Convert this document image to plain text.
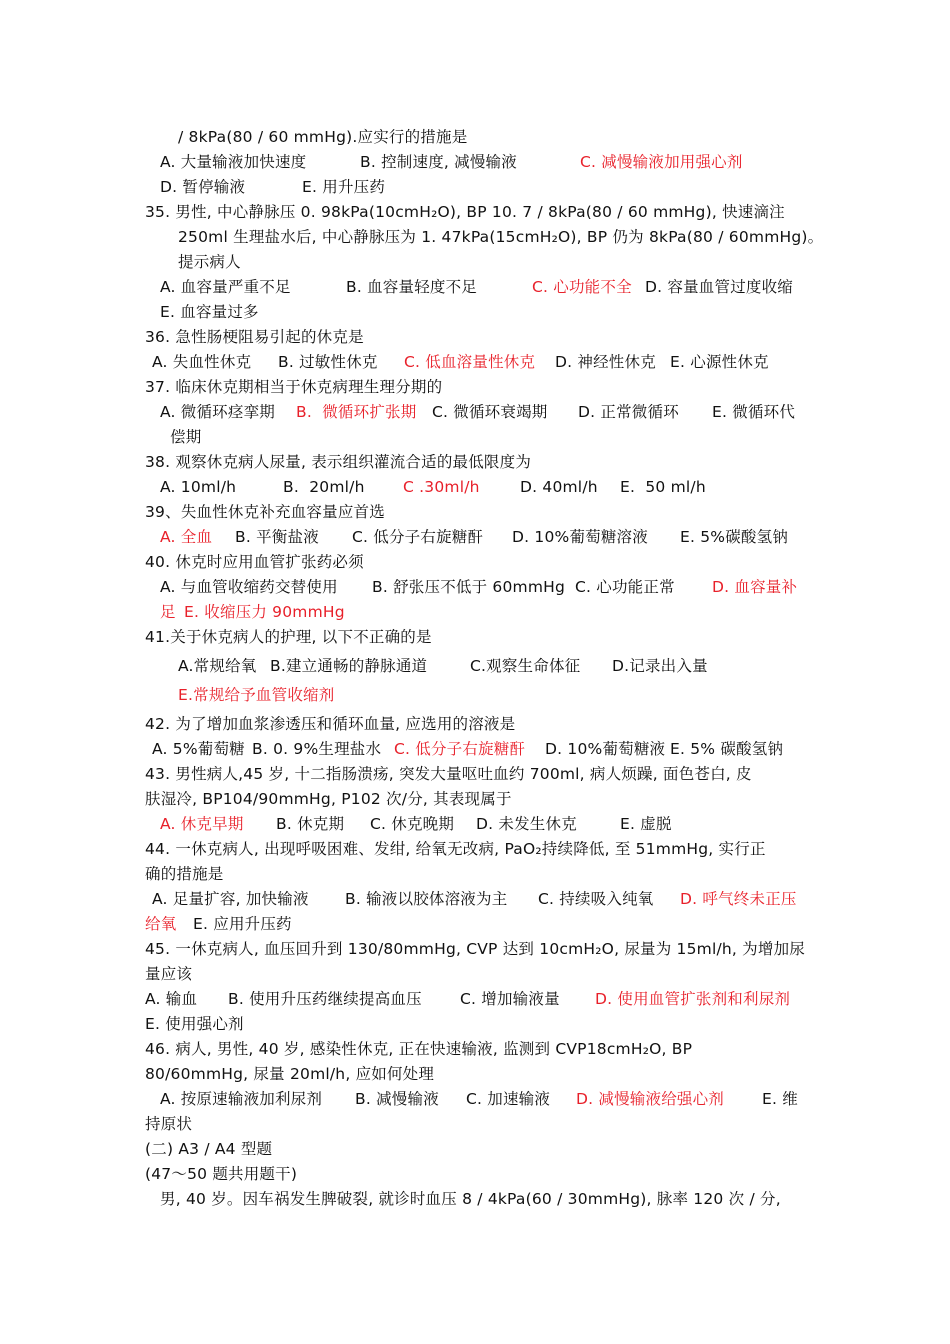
/ 8kPa(80 / 60 mmHg).应实行的措施是
A. 大量输液加快速度	B. 控制速度, 减慢输液	C. 减慢输液加用强心剂
D. 暂停输液	E. 用升压药
35. 男性, 中心静脉压 0. 98kPa(10cmH₂O), BP 10. 7 / 8kPa(80 / 60 mmHg), 快速滴注
250ml 生理盐水后, 中心静脉压为 1. 47kPa(15cmH₂O), BP 仍为 8kPa(80 / 60mmHg)。
提示病人
A. 血容量严重不足	B. 血容量轻度不足	C. 心功能不全 D. 容量血管过度收缩
E. 血容量过多
36. 急性肠梗阻易引起的休克是
A. 失血性休克 B. 过敏性休克 C. 低血溶量性休克 D. 神经性休克 E. 心源性休克
37. 临床休克期相当于休克病理生理分期的
A. 微循环痉挛期 B.  微循环扩张期 C. 微循环衰竭期 D. 正常微循环 E. 微循环代
偿期
38. 观察休克病人尿量, 表示组织灌流合适的最低限度为
A. 10ml/h	B.  20ml/h C .30ml/h	D. 40ml/h E.  50 ml/h
39、失血性休克补充血容量应首选
A. 全血 B. 平衡盐液 C. 低分子右旋糖酐 D. 10%葡萄糖溶液 E. 5%碳酸氢钠
40. 休克时应用血管扩张药必须
A. 与血管收缩药交替使用 B. 舒张压不低于 60mmHg C. 心功能正常 D. 血容量补
足 E. 收缩压力 90mmHg
41.关于休克病人的护理, 以下不正确的是
A.常规给氧 B.建立通畅的静脉通道	C.观察生命体征 D.记录出入量
E.常规给予血管收缩剂
42. 为了增加血浆渗透压和循环血量, 应选用的溶液是
A. 5%葡萄糖 B. 0. 9%生理盐水 C. 低分子右旋糖酐 D. 10%葡萄糖液 E. 5% 碳酸氢钠
43. 男性病人,45 岁, 十二指肠溃疡, 突发大量呕吐血约 700ml, 病人烦躁, 面色苍白, 皮
肤湿冷, BP104/90mmHg, P102 次/分, 其表现属于
A. 休克早期 B. 休克期 C. 休克晚期 D. 未发生休克	E. 虚脱
44. 一休克病人, 出现呼吸困难、发绀, 给氧无改病, PaO₂持续降低, 至 51mmHg, 实行正
确的措施是
A. 足量扩容, 加快输液 B. 输液以胶体溶液为主 C. 持续吸入纯氧 D. 呼气终未正压
给氧 E. 应用升压药
45. 一休克病人, 血压回升到 130/80mmHg, CVP 达到 10cmH₂O, 尿量为 15ml/h, 为增加尿
量应该
A. 输血 B. 使用升压药继续提高血压 C. 增加输液量 D. 使用血管扩张剂和利尿剂
E. 使用强心剂
46. 病人, 男性, 40 岁, 感染性休克, 正在快速输液, 监测到 CVP18cmH₂O, BP
80/60mmHg, 尿量 20ml/h, 应如何处理
A. 按原速输液加利尿剂 B. 减慢输液 C. 加速输液 D. 减慢输液给强心剂 E. 维
持原状
(二) A3 / A4 型题
(47～50 题共用题干)
男, 40 岁。因车祸发生脾破裂, 就诊时血压 8 / 4kPa(60 / 30mmHg), 脉率 120 次 / 分,
